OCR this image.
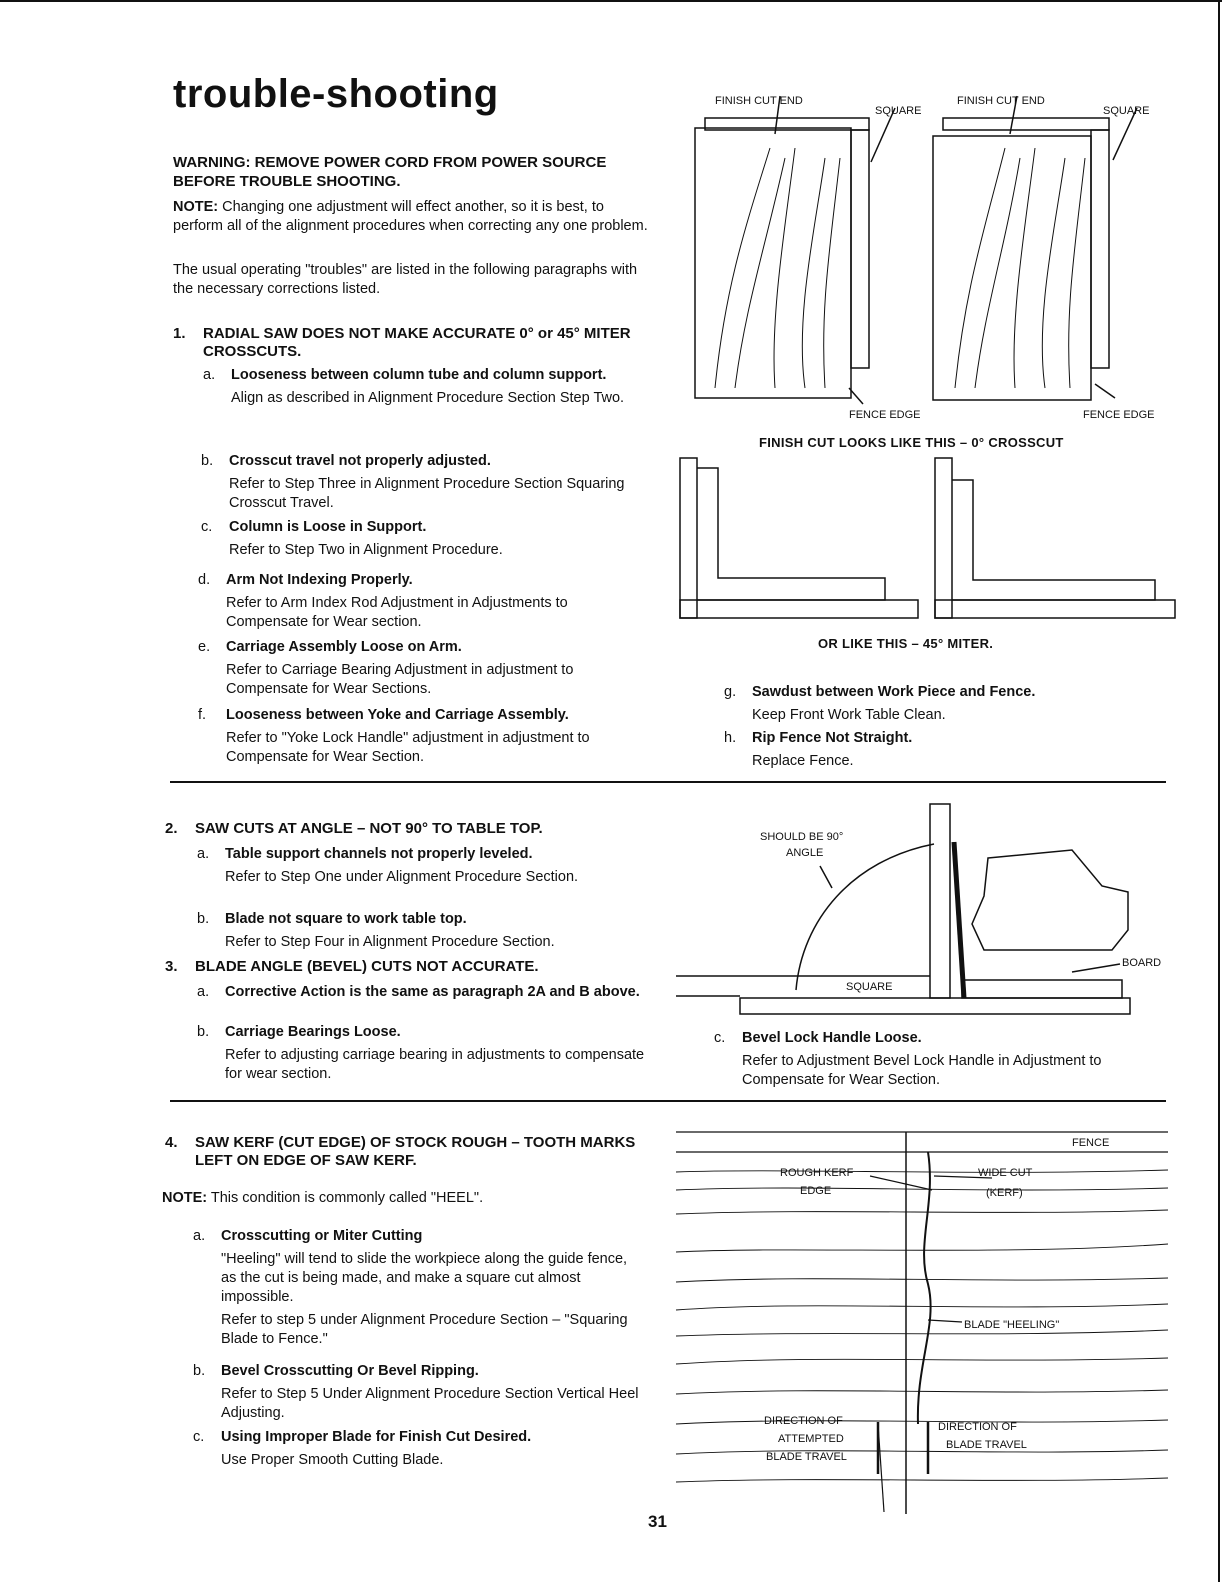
trouble-shooting
WARNING: REMOVE POWER CORD FROM POWER SOURCE BEFORE TROUBLE SHOOTING.
NOTE: Changing one adjustment will effect another, so it is best, to perform all of the alignment procedures when correcting any one problem.
The usual operating "troubles" are listed in the following paragraphs with the necessary corrections listed.
1. RADIAL SAW DOES NOT MAKE ACCURATE 0° or 45° MITER CROSSCUTS.
a. Looseness between column tube and column support.
Align as described in Alignment Procedure Section Step Two.
b. Crosscut travel not properly adjusted.
Refer to Step Three in Alignment Procedure Section Squaring Crosscut Travel.
c. Column is Loose in Support.
Refer to Step Two in Alignment Procedure.
d. Arm Not Indexing Properly.
Refer to Arm Index Rod Adjustment in Adjustments to Compensate for Wear section.
e. Carriage Assembly Loose on Arm.
Refer to Carriage Bearing Adjustment in adjustment to Compensate for Wear Sections.
f. Looseness between Yoke and Carriage Assembly.
Refer to "Yoke Lock Handle" adjustment in adjustment to Compensate for Wear Section.
g. Sawdust between Work Piece and Fence.
Keep Front Work Table Clean.
h. Rip Fence Not Straight.
Replace Fence.
FINISH CUT END
SQUARE
FINISH CUT END
SQUARE
FENCE EDGE	FENCE EDGE
FINISH CUT LOOKS LIKE THIS – 0° CROSSCUT
OR LIKE THIS – 45° MITER.
2. SAW CUTS AT ANGLE – NOT 90° TO TABLE TOP.
a. Table support channels not properly leveled.
Refer to Step One under Alignment Procedure Section.
b. Blade not square to work table top.
Refer to Step Four in Alignment Procedure Section.
3. BLADE ANGLE (BEVEL) CUTS NOT ACCURATE.
a. Corrective Action is the same as paragraph 2A and B above.
b. Carriage Bearings Loose.
Refer to adjusting carriage bearing in adjustments to compensate for wear section.
c. Bevel Lock Handle Loose.
Refer to Adjustment Bevel Lock Handle in Adjustment to Compensate for Wear Section.
SHOULD BE 90°
ANGLE
SQUARE
BOARD
4. SAW KERF (CUT EDGE) OF STOCK ROUGH – TOOTH MARKS LEFT ON EDGE OF SAW KERF.
NOTE: This condition is commonly called "HEEL".
a. Crosscutting or Miter Cutting
"Heeling" will tend to slide the workpiece along the guide fence, as the cut is being made, and make a square cut almost impossible.
Refer to step 5 under Alignment Procedure Section – "Squaring Blade to Fence."
b. Bevel Crosscutting Or Bevel Ripping.
Refer to Step 5 Under Alignment Procedure Section Vertical Heel Adjusting.
c. Using Improper Blade for Finish Cut Desired.
Use Proper Smooth Cutting Blade.
FENCE
ROUGH KERF
EDGE
WIDE CUT
(KERF)
BLADE "HEELING"
DIRECTION OF
ATTEMPTED
BLADE TRAVEL
DIRECTION OF
BLADE TRAVEL
31
